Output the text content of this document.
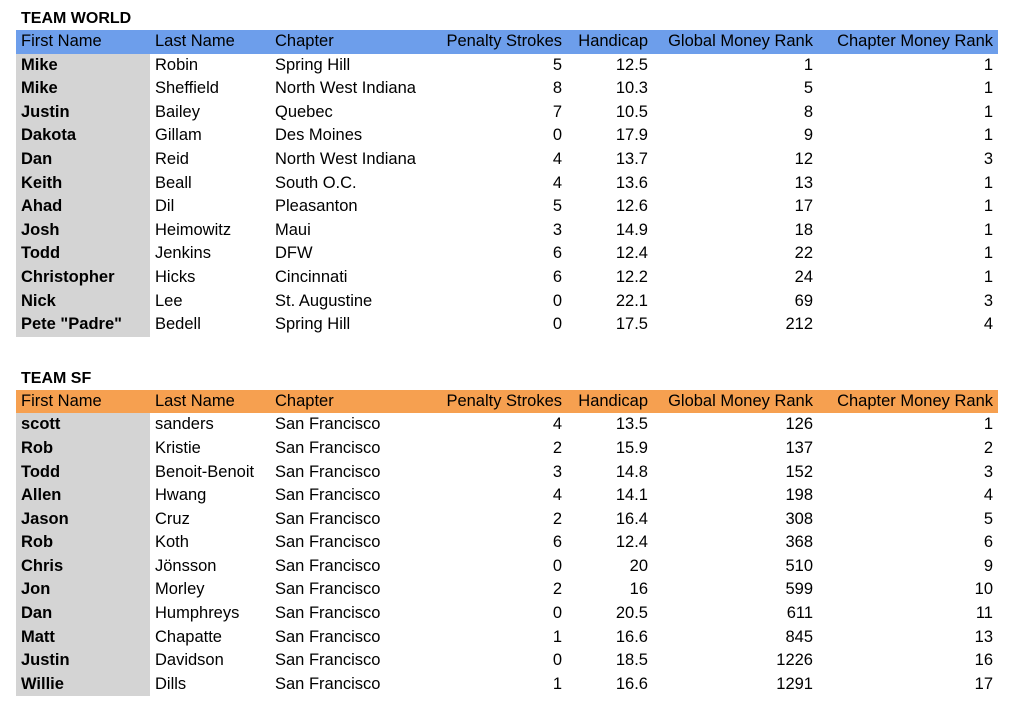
TEAM WORLD
First Name	Last Name	Chapter	Penalty Strokes	Handicap	Global Money Rank	Chapter Money Rank
Mike	Robin	Spring Hill	5	12.5	1	1
Mike	Sheffield	North West Indiana	8	10.3	5	1
Justin	Bailey	Quebec	7	10.5	8	1
Dakota	Gillam	Des Moines	0	17.9	9	1
Dan	Reid	North West Indiana	4	13.7	12	3
Keith	Beall	South O.C.	4	13.6	13	1
Ahad	Dil	Pleasanton	5	12.6	17	1
Josh	Heimowitz	Maui	3	14.9	18	1
Todd	Jenkins	DFW	6	12.4	22	1
Christopher	Hicks	Cincinnati	6	12.2	24	1
Nick	Lee	St. Augustine	0	22.1	69	3
Pete "Padre"	Bedell	Spring Hill	0	17.5	212	4
TEAM SF
First Name	Last Name	Chapter	Penalty Strokes	Handicap	Global Money Rank	Chapter Money Rank
scott	sanders	San Francisco	4	13.5	126	1
Rob	Kristie	San Francisco	2	15.9	137	2
Todd	Benoit-Benoit	San Francisco	3	14.8	152	3
Allen	Hwang	San Francisco	4	14.1	198	4
Jason	Cruz	San Francisco	2	16.4	308	5
Rob	Koth	San Francisco	6	12.4	368	6
Chris	Jönsson	San Francisco	0	20	510	9
Jon	Morley	San Francisco	2	16	599	10
Dan	Humphreys	San Francisco	0	20.5	611	11
Matt	Chapatte	San Francisco	1	16.6	845	13
Justin	Davidson	San Francisco	0	18.5	1226	16
Willie	Dills	San Francisco	1	16.6	1291	17
